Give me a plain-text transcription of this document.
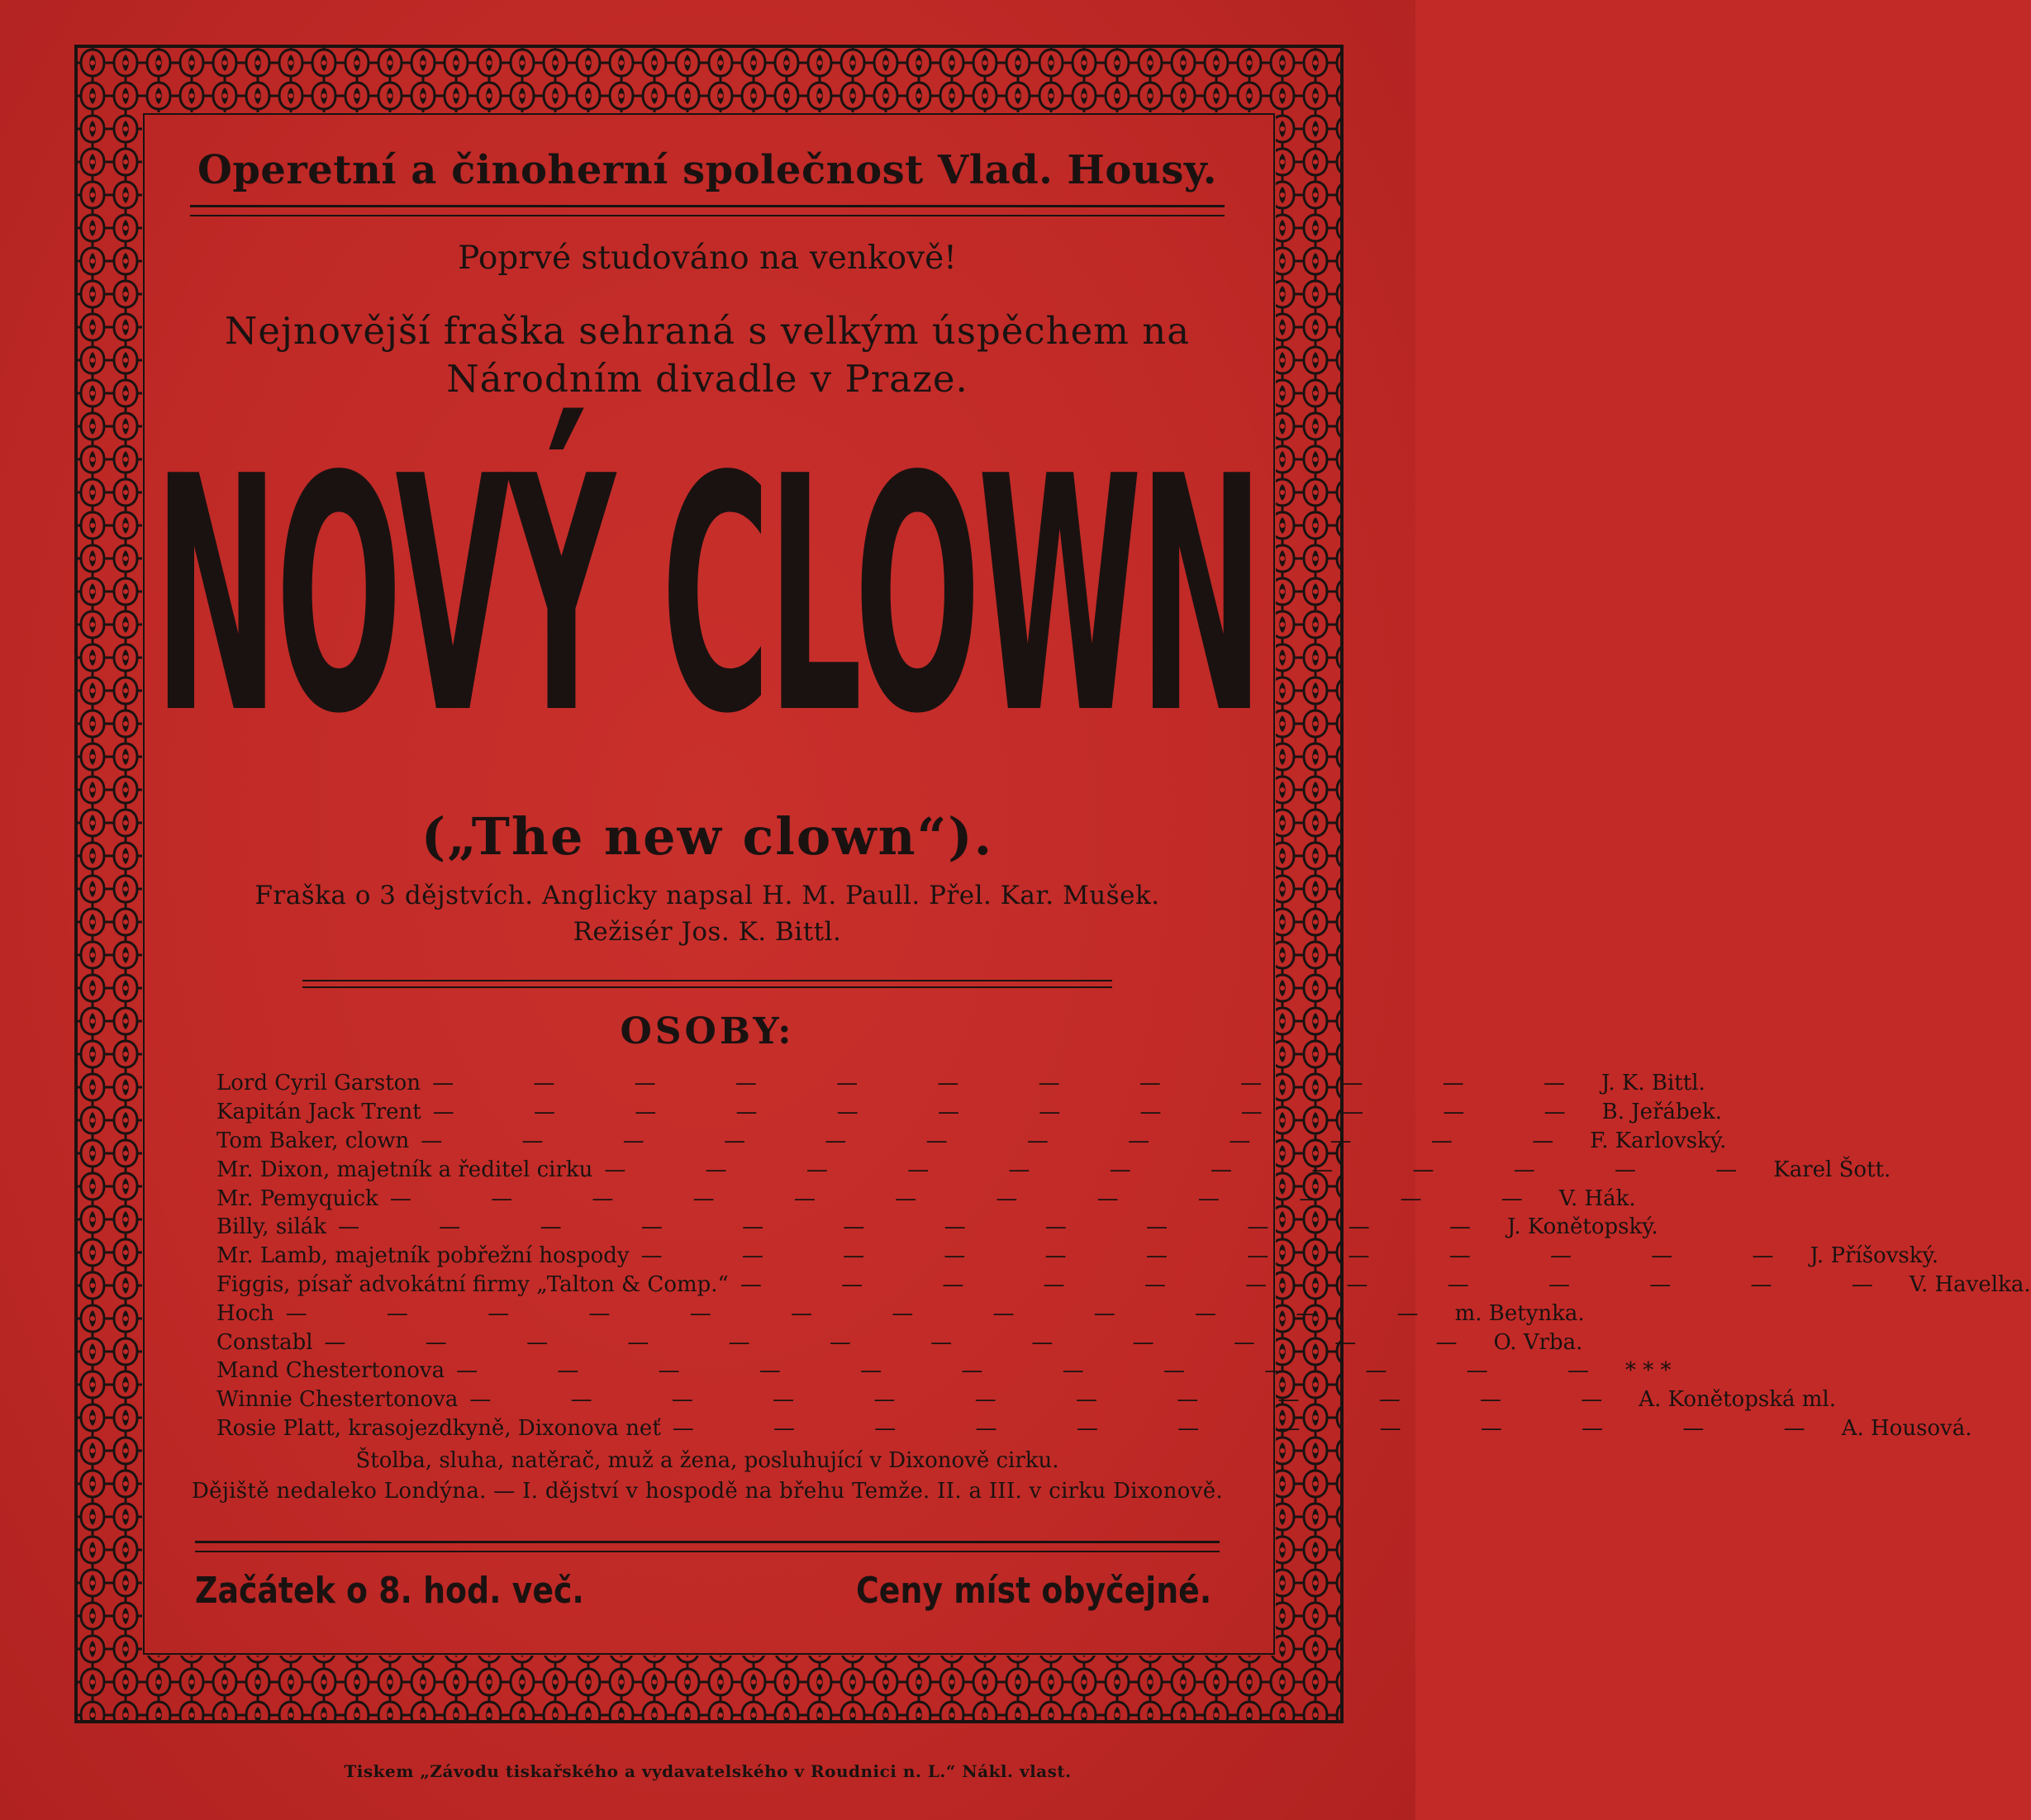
Operetní a činoherní společnost Vlad. Housy.
Poprvé studováno na venkově!
Nejnovější fraška sehraná s velkým úspěchem na
Národním divadle v Praze.
NOVÝ CLOWN
(„The new clown“).
Fraška o 3 dějstvích. Anglicky napsal H. M. Paull. Přel. Kar. Mušek.
Režisér Jos. K. Bittl.
OSOBY:
Lord Cyril Garston — — — — — — — — — — — — J. K. Bittl.
Kapitán Jack Trent — — — — — — — — — — — — B. Jeřábek.
Tom Baker, clown — — — — — — — — — — — — F. Karlovský.
Mr. Dixon, majetník a ředitel cirku — — — — — — — — — — — — Karel Šott.
Mr. Pemyquick — — — — — — — — — — — — V. Hák.
Billy, silák — — — — — — — — — — — — J. Konětopský.
Mr. Lamb, majetník pobřežní hospody — — — — — — — — — — — — J. Příšovský.
Figgis, písař advokátní firmy „Talton & Comp.“ — — — — — — — — — — — — V. Havelka.
Hoch — — — — — — — — — — — — m. Betynka.
Constabl — — — — — — — — — — — — O. Vrba.
Mand Chestertonova — — — — — — — — — — — — * * *
Winnie Chestertonova — — — — — — — — — — — — A. Konětopská ml.
Rosie Platt, krasojezdkyně, Dixonova neť — — — — — — — — — — — — A. Housová.
Štolba, sluha, natěrač, muž a žena, posluhující v Dixonově cirku.
Dějiště nedaleko Londýna. — I. dějství v hospodě na břehu Temže. II. a III. v cirku Dixonově.
Začátek o 8. hod. več.	Ceny míst obyčejné.
Tiskem „Závodu tiskařského a vydavatelského v Roudnici n. L.“ Nákl. vlast.
